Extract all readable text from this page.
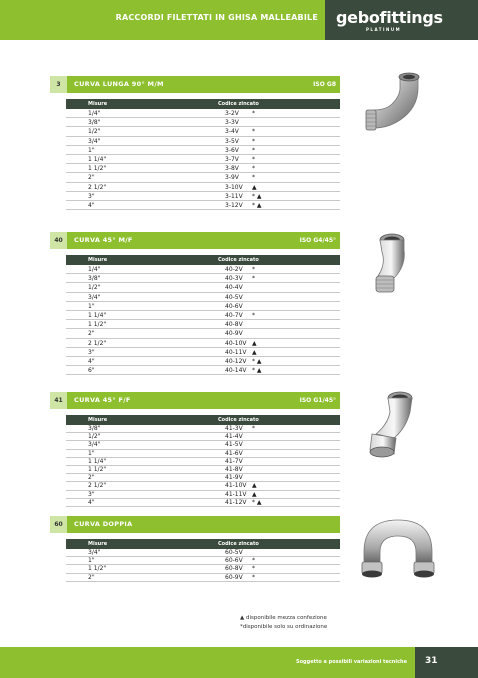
RACCORDI FILETTATI IN GHISA MALLEABILE gebofittings
PLATINUM
3	CURVA LUNGA 90° M/M	ISO G8
Misure	Codice zincato
1/4"	3-2V *
3/8"	3-3V
1/2"	3-4V *
3/4"	3-5V *
1"	3-6V *
1 1/4"	3-7V *
1 1/2"	3-8V *
2"	3-9V *
2 1/2"	3-10V ▲
3"	3-11V * ▲
4"	3-12V * ▲
40	CURVA 45° M/F	ISO G4/45°
Misure	Codice zincato
1/4"	40-2V *
3/8"	40-3V *
1/2"	40-4V
3/4"	40-5V
1"	40-6V
1 1/4"	40-7V *
1 1/2"	40-8V
2"	40-9V
2 1/2"	40-10V ▲
3"	40-11V ▲
4"	40-12V * ▲
6"	40-14V * ▲
41	CURVA 45° F/F	ISO G1/45°
Misure	Codice zincato
3/8"	41-3V *
1/2"	41-4V
3/4"	41-5V
1"	41-6V
1 1/4"	41-7V
1 1/2"	41-8V
2"	41-9V
2 1/2"	41-10V ▲
3"	41-11V ▲
4"	41-12V * ▲
60	CURVA DOPPIA
Misure	Codice zincato
3/4"	60-5V
1"	60-6V *
1 1/2"	60-8V *
2"	60-9V *
▲ disponibile mezza confezione
*disponibile solo su ordinazione
Soggetto a possibili variazioni tecniche 31
